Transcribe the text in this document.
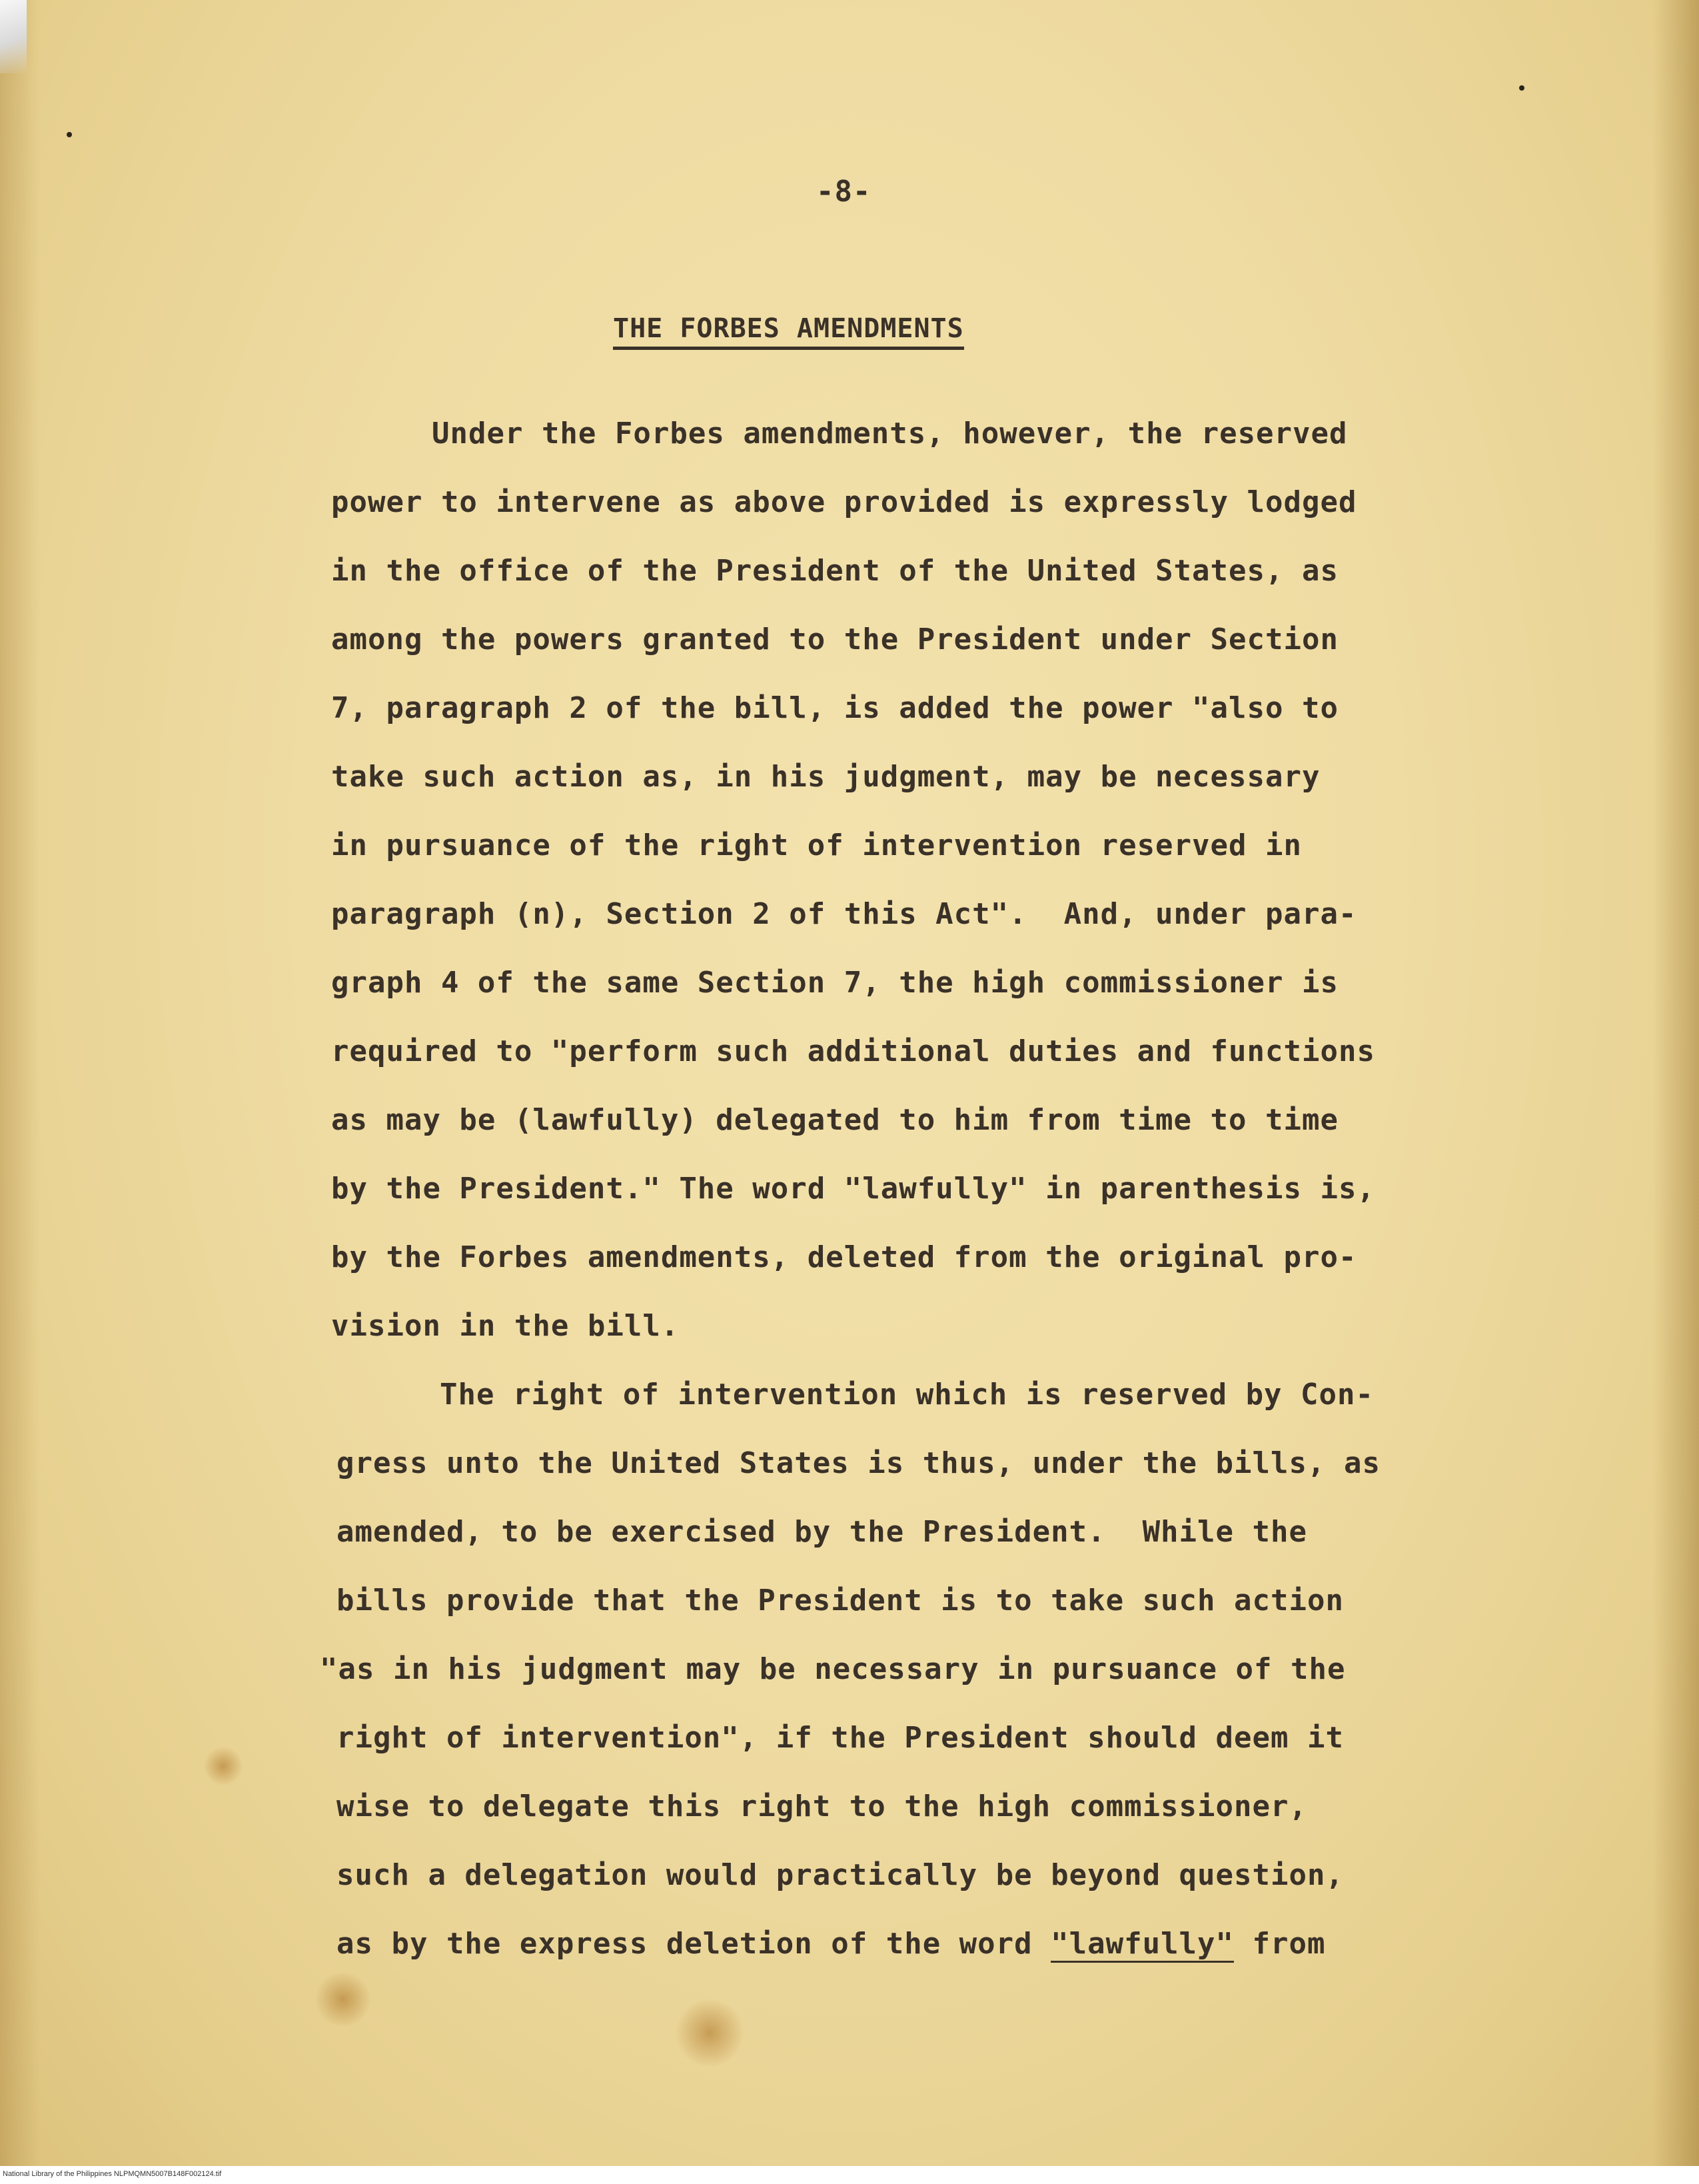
-8-
THE FORBES AMENDMENTS
Under the Forbes amendments, however, the reserved
power to intervene as above provided is expressly lodged
in the office of the President of the United States, as
among the powers granted to the President under Section
7, paragraph 2 of the bill, is added the power "also to
take such action as, in his judgment, may be necessary
in pursuance of the right of intervention reserved in
paragraph (n), Section 2 of this Act".  And, under para-
graph 4 of the same Section 7, the high commissioner is
required to "perform such additional duties and functions
as may be (lawfully) delegated to him from time to time
by the President." The word "lawfully" in parenthesis is,
by the Forbes amendments, deleted from the original pro-
vision in the bill.
The right of intervention which is reserved by Con-
gress unto the United States is thus, under the bills, as
amended, to be exercised by the President.  While the
bills provide that the President is to take such action
"as in his judgment may be necessary in pursuance of the
right of intervention", if the President should deem it
wise to delegate this right to the high commissioner,
such a delegation would practically be beyond question,
as by the express deletion of the word "lawfully" from
National Library of the Philippines NLPMQMN5007B148F002124.tif
